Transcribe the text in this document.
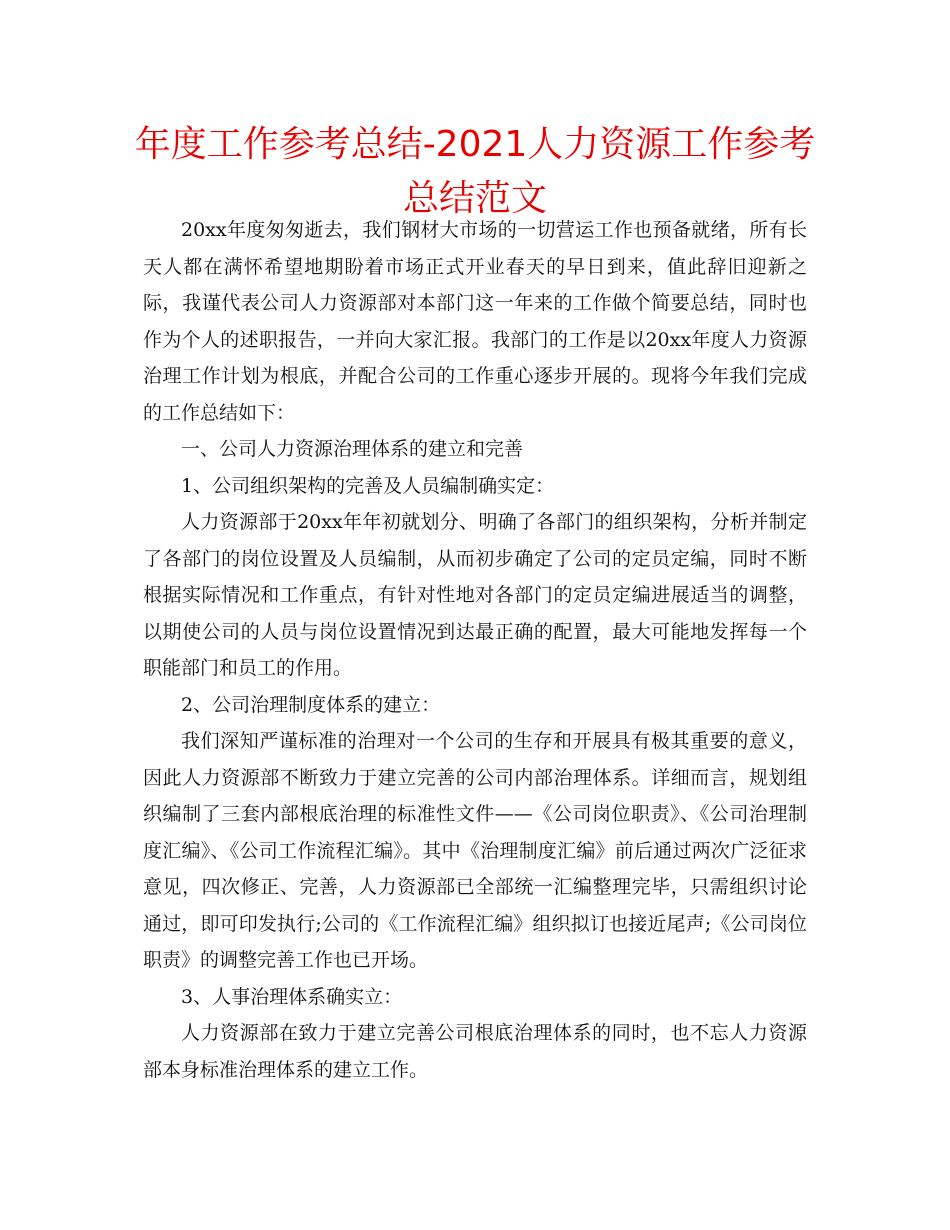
年度工作参考总结-2021人力资源工作参考总结范文

20xx年度匆匆逝去，我们钢材大市场的一切营运工作也预备就绪，所有长天人都在满怀希望地期盼着市场正式开业春天的早日到来，值此辞旧迎新之际，我谨代表公司人力资源部对本部门这一年来的工作做个简要总结，同时也作为个人的述职报告，一并向大家汇报。我部门的工作是以20xx年度人力资源治理工作计划为根底，并配合公司的工作重心逐步开展的。现将今年我们完成的工作总结如下：

一、公司人力资源治理体系的建立和完善

1、公司组织架构的完善及人员编制确实定：

人力资源部于20xx年年初就划分、明确了各部门的组织架构，分析并制定了各部门的岗位设置及人员编制，从而初步确定了公司的定员定编，同时不断根据实际情况和工作重点，有针对性地对各部门的定员定编进展适当的调整，以期使公司的人员与岗位设置情况到达最正确的配置，最大可能地发挥每一个职能部门和员工的作用。

2、公司治理制度体系的建立：

我们深知严谨标准的治理对一个公司的生存和开展具有极其重要的意义，因此人力资源部不断致力于建立完善的公司内部治理体系。详细而言，规划组织编制了三套内部根底治理的标准性文件——《公司岗位职责》、《公司治理制度汇编》、《公司工作流程汇编》。其中《治理制度汇编》前后通过两次广泛征求意见，四次修正、完善，人力资源部已全部统一汇编整理完毕，只需组织讨论通过，即可印发执行;公司的《工作流程汇编》组织拟订也接近尾声;《公司岗位职责》的调整完善工作也已开场。

3、人事治理体系确实立：

人力资源部在致力于建立完善公司根底治理体系的同时，也不忘人力资源部本身标准治理体系的建立工作。
